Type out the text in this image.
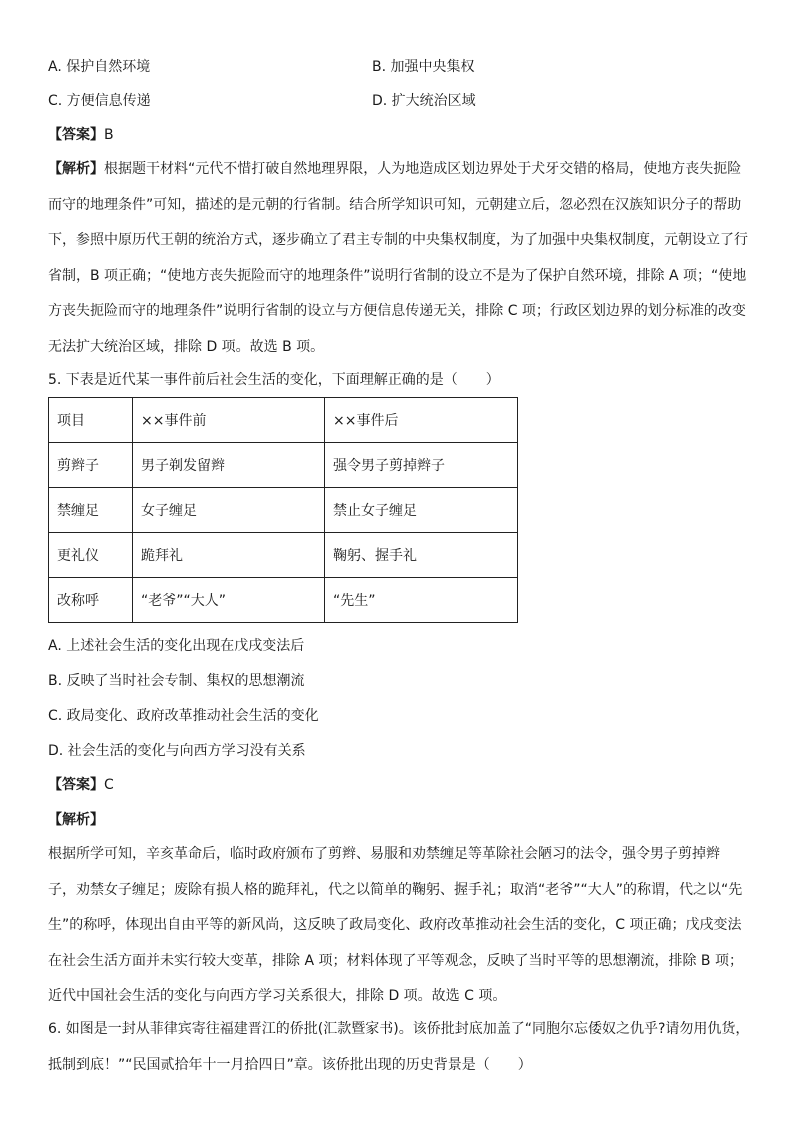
A. 保护自然环境	B. 加强中央集权
C. 方便信息传递	D. 扩大统治区域
【答案】B
【解析】根据题干材料“元代不惜打破自然地理界限，人为地造成区划边界处于犬牙交错的格局，使地方丧失扼险
而守的地理条件”可知，描述的是元朝的行省制。结合所学知识可知，元朝建立后，忽必烈在汉族知识分子的帮助
下，参照中原历代王朝的统治方式，逐步确立了君主专制的中央集权制度，为了加强中央集权制度，元朝设立了行
省制，B 项正确；“使地方丧失扼险而守的地理条件”说明行省制的设立不是为了保护自然环境，排除 A 项；“使地
方丧失扼险而守的地理条件”说明行省制的设立与方便信息传递无关，排除 C 项；行政区划边界的划分标准的改变
无法扩大统治区域，排除 D 项。故选 B 项。
5. 下表是近代某一事件前后社会生活的变化，下面理解正确的是（　　）
项目	××事件前	××事件后
剪辫子	男子剃发留辫	强令男子剪掉辫子
禁缠足	女子缠足	禁止女子缠足
更礼仪	跪拜礼	鞠躬、握手礼
改称呼	“老爷”“大人”	“先生”
A. 上述社会生活的变化出现在戊戌变法后
B. 反映了当时社会专制、集权的思想潮流
C. 政局变化、政府改革推动社会生活的变化
D. 社会生活的变化与向西方学习没有关系
【答案】C
【解析】
根据所学可知，辛亥革命后，临时政府颁布了剪辫、易服和劝禁缠足等革除社会陋习的法令，强令男子剪掉辫
子，劝禁女子缠足；废除有损人格的跪拜礼，代之以简单的鞠躬、握手礼；取消“老爷”“大人”的称谓，代之以“先
生”的称呼，体现出自由平等的新风尚，这反映了政局变化、政府改革推动社会生活的变化，C 项正确；戊戌变法
在社会生活方面并未实行较大变革，排除 A 项；材料体现了平等观念，反映了当时平等的思想潮流，排除 B 项；
近代中国社会生活的变化与向西方学习关系很大，排除 D 项。故选 C 项。
6. 如图是一封从菲律宾寄往福建晋江的侨批(汇款暨家书)。该侨批封底加盖了“同胞尔忘倭奴之仇乎?请勿用仇货，
抵制到底！”“民国贰拾年十一月拾四日”章。该侨批出现的历史背景是（　　）
